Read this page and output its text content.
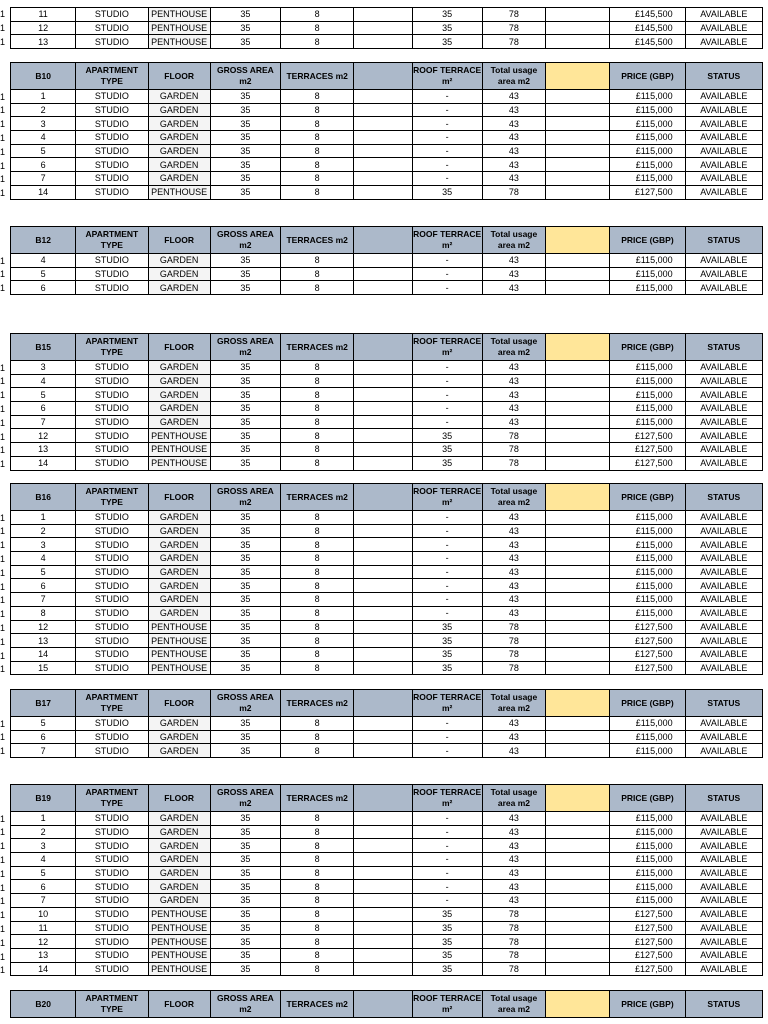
11	STUDIO	PENTHOUSE	35	8		35	78		£145,500	AVAILABLE
12	STUDIO	PENTHOUSE	35	8		35	78		£145,500	AVAILABLE
13	STUDIO	PENTHOUSE	35	8		35	78		£145,500	AVAILABLE
1
1
1
B10	APARTMENT TYPE	FLOOR	GROSS AREA m2	TERRACES m2		ROOF TERRACE m²	Total usage area m2		PRICE (GBP)	STATUS
1	STUDIO	GARDEN	35	8		-	43		£115,000	AVAILABLE
2	STUDIO	GARDEN	35	8		-	43		£115,000	AVAILABLE
3	STUDIO	GARDEN	35	8		-	43		£115,000	AVAILABLE
4	STUDIO	GARDEN	35	8		-	43		£115,000	AVAILABLE
5	STUDIO	GARDEN	35	8		-	43		£115,000	AVAILABLE
6	STUDIO	GARDEN	35	8		-	43		£115,000	AVAILABLE
7	STUDIO	GARDEN	35	8		-	43		£115,000	AVAILABLE
14	STUDIO	PENTHOUSE	35	8		35	78		£127,500	AVAILABLE
1
1
1
1
1
1
1
1
B12	APARTMENT TYPE	FLOOR	GROSS AREA m2	TERRACES m2		ROOF TERRACE m²	Total usage area m2		PRICE (GBP)	STATUS
4	STUDIO	GARDEN	35	8		-	43		£115,000	AVAILABLE
5	STUDIO	GARDEN	35	8		-	43		£115,000	AVAILABLE
6	STUDIO	GARDEN	35	8		-	43		£115,000	AVAILABLE
1
1
1
B15	APARTMENT TYPE	FLOOR	GROSS AREA m2	TERRACES m2		ROOF TERRACE m²	Total usage area m2		PRICE (GBP)	STATUS
3	STUDIO	GARDEN	35	8		-	43		£115,000	AVAILABLE
4	STUDIO	GARDEN	35	8		-	43		£115,000	AVAILABLE
5	STUDIO	GARDEN	35	8		-	43		£115,000	AVAILABLE
6	STUDIO	GARDEN	35	8		-	43		£115,000	AVAILABLE
7	STUDIO	GARDEN	35	8		-	43		£115,000	AVAILABLE
12	STUDIO	PENTHOUSE	35	8		35	78		£127,500	AVAILABLE
13	STUDIO	PENTHOUSE	35	8		35	78		£127,500	AVAILABLE
14	STUDIO	PENTHOUSE	35	8		35	78		£127,500	AVAILABLE
1
1
1
1
1
1
1
1
B16	APARTMENT TYPE	FLOOR	GROSS AREA m2	TERRACES m2		ROOF TERRACE m²	Total usage area m2		PRICE (GBP)	STATUS
1	STUDIO	GARDEN	35	8		-	43		£115,000	AVAILABLE
2	STUDIO	GARDEN	35	8		-	43		£115,000	AVAILABLE
3	STUDIO	GARDEN	35	8		-	43		£115,000	AVAILABLE
4	STUDIO	GARDEN	35	8		-	43		£115,000	AVAILABLE
5	STUDIO	GARDEN	35	8		-	43		£115,000	AVAILABLE
6	STUDIO	GARDEN	35	8		-	43		£115,000	AVAILABLE
7	STUDIO	GARDEN	35	8		-	43		£115,000	AVAILABLE
8	STUDIO	GARDEN	35	8		-	43		£115,000	AVAILABLE
12	STUDIO	PENTHOUSE	35	8		35	78		£127,500	AVAILABLE
13	STUDIO	PENTHOUSE	35	8		35	78		£127,500	AVAILABLE
14	STUDIO	PENTHOUSE	35	8		35	78		£127,500	AVAILABLE
15	STUDIO	PENTHOUSE	35	8		35	78		£127,500	AVAILABLE
1
1
1
1
1
1
1
1
1
1
1
1
B17	APARTMENT TYPE	FLOOR	GROSS AREA m2	TERRACES m2		ROOF TERRACE m²	Total usage area m2		PRICE (GBP)	STATUS
5	STUDIO	GARDEN	35	8		-	43		£115,000	AVAILABLE
6	STUDIO	GARDEN	35	8		-	43		£115,000	AVAILABLE
7	STUDIO	GARDEN	35	8		-	43		£115,000	AVAILABLE
1
1
1
B19	APARTMENT TYPE	FLOOR	GROSS AREA m2	TERRACES m2		ROOF TERRACE m²	Total usage area m2		PRICE (GBP)	STATUS
1	STUDIO	GARDEN	35	8		-	43		£115,000	AVAILABLE
2	STUDIO	GARDEN	35	8		-	43		£115,000	AVAILABLE
3	STUDIO	GARDEN	35	8		-	43		£115,000	AVAILABLE
4	STUDIO	GARDEN	35	8		-	43		£115,000	AVAILABLE
5	STUDIO	GARDEN	35	8		-	43		£115,000	AVAILABLE
6	STUDIO	GARDEN	35	8		-	43		£115,000	AVAILABLE
7	STUDIO	GARDEN	35	8		-	43		£115,000	AVAILABLE
10	STUDIO	PENTHOUSE	35	8		35	78		£127,500	AVAILABLE
11	STUDIO	PENTHOUSE	35	8		35	78		£127,500	AVAILABLE
12	STUDIO	PENTHOUSE	35	8		35	78		£127,500	AVAILABLE
13	STUDIO	PENTHOUSE	35	8		35	78		£127,500	AVAILABLE
14	STUDIO	PENTHOUSE	35	8		35	78		£127,500	AVAILABLE
1
1
1
1
1
1
1
1
1
1
1
1
B20	APARTMENT TYPE	FLOOR	GROSS AREA m2	TERRACES m2		ROOF TERRACE m²	Total usage area m2		PRICE (GBP)	STATUS
